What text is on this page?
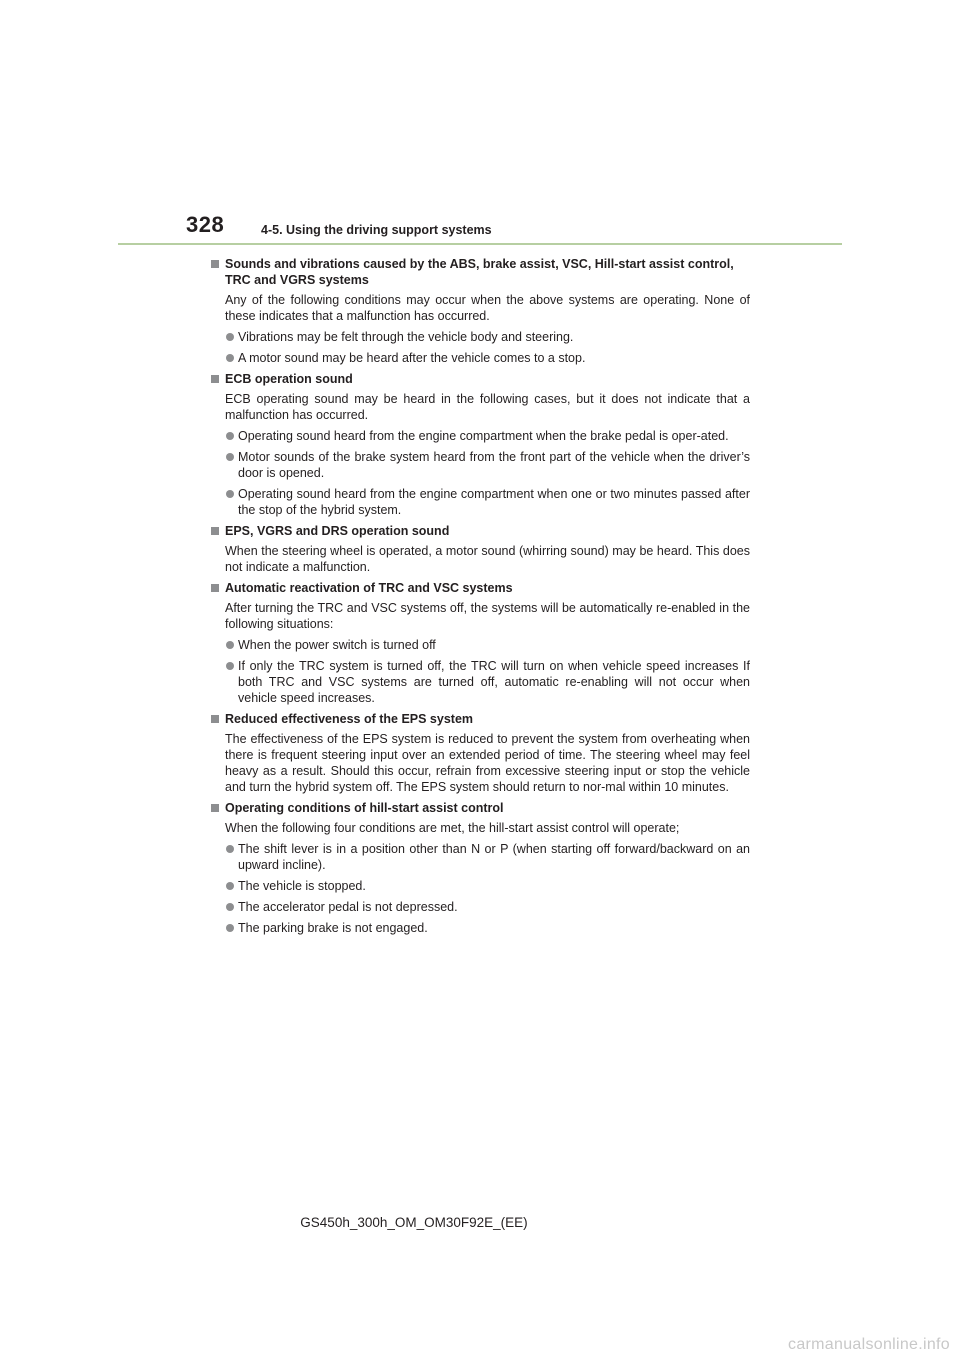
328	4-5. Using the driving support systems
Sounds and vibrations caused by the ABS, brake assist, VSC, Hill-start assist control, TRC and VGRS systems
Any of the following conditions may occur when the above systems are operating. None of these indicates that a malfunction has occurred.
Vibrations may be felt through the vehicle body and steering.
A motor sound may be heard after the vehicle comes to a stop.
ECB operation sound
ECB operating sound may be heard in the following cases, but it does not indicate that a malfunction has occurred.
Operating sound heard from the engine compartment when the brake pedal is oper-ated.
Motor sounds of the brake system heard from the front part of the vehicle when the driver’s door is opened.
Operating sound heard from the engine compartment when one or two minutes passed after the stop of the hybrid system.
EPS, VGRS and DRS operation sound
When the steering wheel is operated, a motor sound (whirring sound) may be heard. This does not indicate a malfunction.
Automatic reactivation of TRC and VSC systems
After turning the TRC and VSC systems off, the systems will be automatically re-enabled in the following situations:
When the power switch is turned off
If only the TRC system is turned off, the TRC will turn on when vehicle speed increases If both TRC and VSC systems are turned off, automatic re-enabling will not occur when vehicle speed increases.
Reduced effectiveness of the EPS system
The effectiveness of the EPS system is reduced to prevent the system from overheating when there is frequent steering input over an extended period of time. The steering wheel may feel heavy as a result. Should this occur, refrain from excessive steering input or stop the vehicle and turn the hybrid system off. The EPS system should return to nor-mal within 10 minutes.
Operating conditions of hill-start assist control
When the following four conditions are met, the hill-start assist control will operate;
The shift lever is in a position other than N or P (when starting off forward/backward on an upward incline).
The vehicle is stopped.
The accelerator pedal is not depressed.
The parking brake is not engaged.
GS450h_300h_OM_OM30F92E_(EE)
carmanualsonline.info
